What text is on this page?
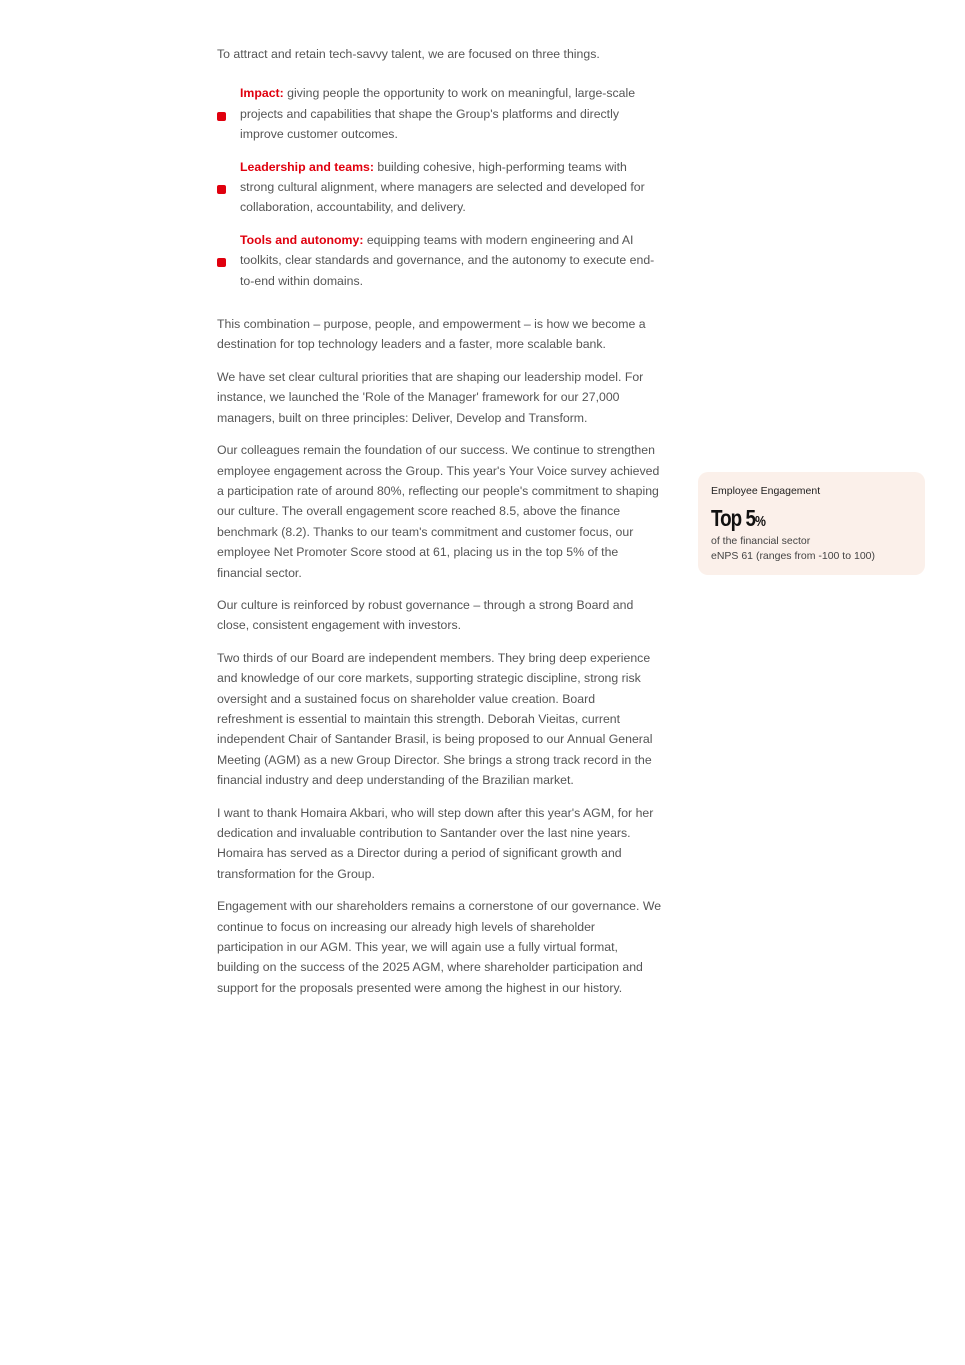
To attract and retain tech-savvy talent, we are focused on three things.

Impact: giving people the opportunity to work on meaningful, large-scale projects and capabilities that shape the Group's platforms and directly improve customer outcomes.
Leadership and teams: building cohesive, high-performing teams with strong cultural alignment, where managers are selected and developed for collaboration, accountability, and delivery.
Tools and autonomy: equipping teams with modern engineering and AI toolkits, clear standards and governance, and the autonomy to execute end-to-end within domains.

This combination – purpose, people, and empowerment – is how we become a destination for top technology leaders and a faster, more scalable bank.

We have set clear cultural priorities that are shaping our leadership model. For instance, we launched the 'Role of the Manager' framework for our 27,000 managers, built on three principles: Deliver, Develop and Transform.

Our colleagues remain the foundation of our success. We continue to strengthen employee engagement across the Group. This year's Your Voice survey achieved a participation rate of around 80%, reflecting our people's commitment to shaping our culture. The overall engagement score reached 8.5, above the finance benchmark (8.2). Thanks to our team's commitment and customer focus, our employee Net Promoter Score stood at 61, placing us in the top 5% of the financial sector.

Our culture is reinforced by robust governance – through a strong Board and close, consistent engagement with investors.

Two thirds of our Board are independent members. They bring deep experience and knowledge of our core markets, supporting strategic discipline, strong risk oversight and a sustained focus on shareholder value creation. Board refreshment is essential to maintain this strength. Deborah Vieitas, current independent Chair of Santander Brasil, is being proposed to our Annual General Meeting (AGM) as a new Group Director. She brings a strong track record in the financial industry and deep understanding of the Brazilian market.

I want to thank Homaira Akbari, who will step down after this year's AGM, for her dedication and invaluable contribution to Santander over the last nine years. Homaira has served as a Director during a period of significant growth and transformation for the Group.

Engagement with our shareholders remains a cornerstone of our governance. We continue to focus on increasing our already high levels of shareholder participation in our AGM. This year, we will again use a fully virtual format, building on the success of the 2025 AGM, where shareholder participation and support for the proposals presented were among the highest in our history.

Employee Engagement
Top 5%
of the financial sector
eNPS 61 (ranges from -100 to 100)
